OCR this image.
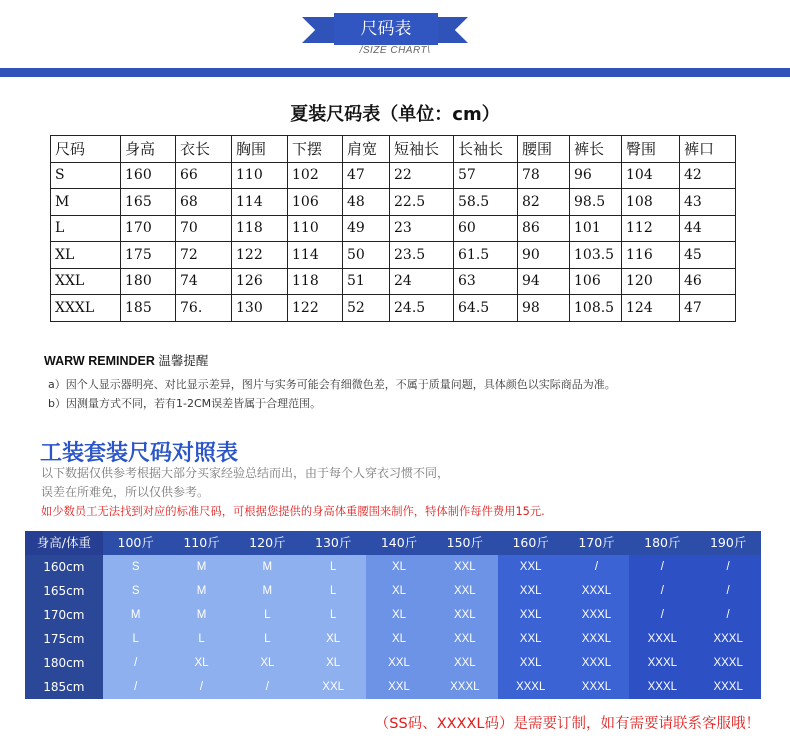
尺码表
/SIZE CHART\
夏装尺码表（单位：cm）
尺码	身高	衣长	胸围	下摆	肩宽	短袖长	长袖长	腰围	裤长	臀围	裤口
S	160	66	110	102	47	22	57	78	96	104	42
M	165	68	114	106	48	22.5	58.5	82	98.5	108	43
L	170	70	118	110	49	23	60	86	101	112	44
XL	175	72	122	114	50	23.5	61.5	90	103.5	116	45
XXL	180	74	126	118	51	24	63	94	106	120	46
XXXL	185	76.	130	122	52	24.5	64.5	98	108.5	124	47
WARW REMINDER 温馨提醒
a）因个人显示器明亮、对比显示差异，图片与实务可能会有细微色差，不属于质量问题，具体颜色以实际商品为准。
b）因测量方式不同，若有1-2CM误差皆属于合理范围。
工装套装尺码对照表
以下数据仅供参考根据大部分买家经验总结而出，由于每个人穿衣习惯不同，
误差在所难免，所以仅供参考。
如少数员工无法找到对应的标准尺码，可根据您提供的身高体重腰围来制作，特体制作每件费用15元.
身高/体重	100斤	110斤	120斤	130斤	140斤	150斤	160斤	170斤	180斤	190斤
160cm	S	M	M	L	XL	XXL	XXL	/	/	/
165cm	S	M	M	L	XL	XXL	XXL	XXXL	/	/
170cm	M	M	L	L	XL	XXL	XXL	XXXL	/	/
175cm	L	L	L	XL	XL	XXL	XXL	XXXL	XXXL	XXXL
180cm	/	XL	XL	XL	XXL	XXL	XXL	XXXL	XXXL	XXXL
185cm	/	/	/	XXL	XXL	XXXL	XXXL	XXXL	XXXL	XXXL
（SS码、XXXXL码）是需要订制，如有需要请联系客服哦！
